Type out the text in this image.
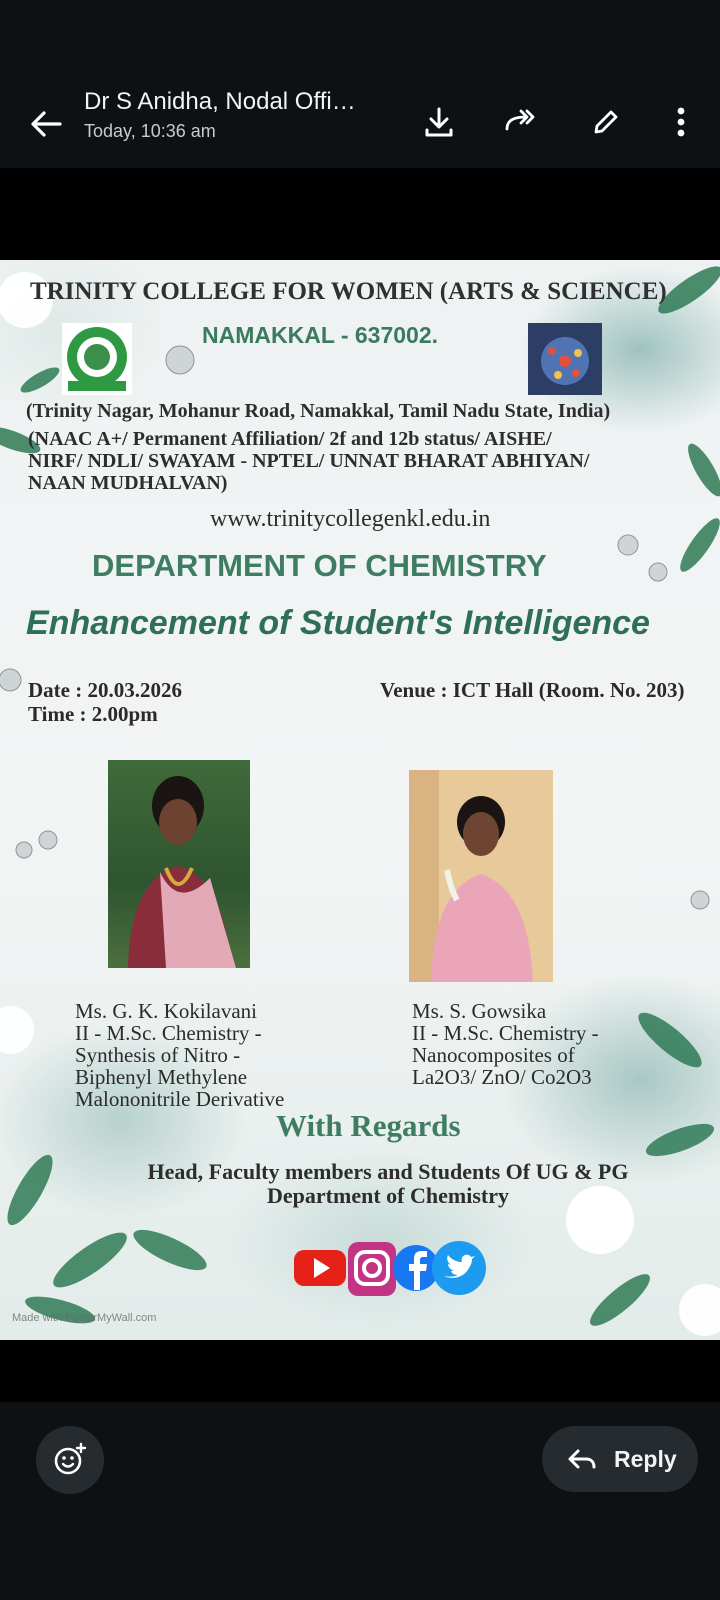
Dr S Anidha, Nodal Offi…
Today, 10:36 am
TRINITY COLLEGE FOR WOMEN (ARTS & SCIENCE)
NAMAKKAL - 637002.
(Trinity Nagar, Mohanur Road, Namakkal, Tamil Nadu State, India)
(NAAC A+/ Permanent Affiliation/ 2f and 12b status/ AISHE/
NIRF/ NDLI/ SWAYAM - NPTEL/ UNNAT BHARAT ABHIYAN/
NAAN MUDHALVAN)
www.trinitycollegenkl.edu.in
DEPARTMENT OF CHEMISTRY
Enhancement of Student's Intelligence
Date : 20.03.2026
Time : 2.00pm
Venue : ICT Hall (Room. No. 203)
Ms. G. K. Kokilavani
II - M.Sc. Chemistry -
Synthesis of Nitro -
Biphenyl Methylene
Malononitrile Derivative
Ms. S. Gowsika
II - M.Sc. Chemistry -
Nanocomposites of
La2O3/ ZnO/ Co2O3
With Regards
Head, Faculty members and Students Of UG & PG
Department of Chemistry
Made with PosterMyWall.com
Reply
